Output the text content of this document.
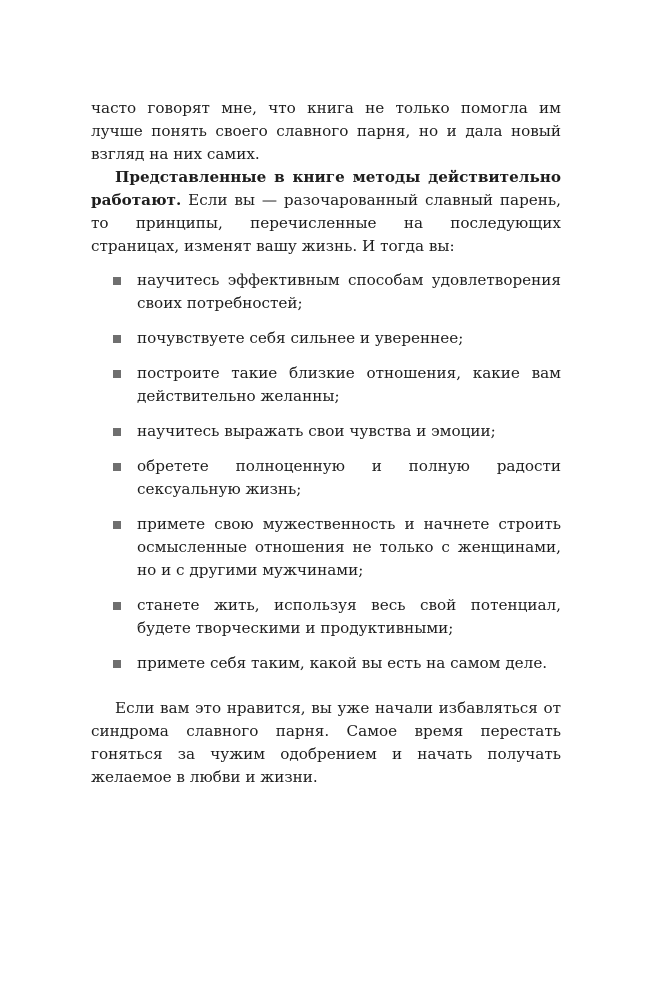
часто говорят мне, что книга не только помогла им лучше понять своего славного парня, но и дала новый взгляд на них самих.

Представленные в книге методы действительно работают. Если вы — разочарованный славный парень, то принципы, перечисленные на последующих страницах, изменят вашу жизнь. И тогда вы:

научитесь эффективным способам удовлетворения своих потребностей;
почувствуете себя сильнее и увереннее;
построите такие близкие отношения, какие вам действительно желанны;
научитесь выражать свои чувства и эмоции;
обретете полноценную и полную радости сексуальную жизнь;
примете свою мужественность и начнете строить осмысленные отношения не только с женщинами, но и с другими мужчинами;
станете жить, используя весь свой потенциал, будете творческими и продуктивными;
примете себя таким, какой вы есть на самом деле.

Если вам это нравится, вы уже начали избавляться от синдрома славного парня. Самое время перестать гоняться за чужим одобрением и начать получать желаемое в любви и жизни.
